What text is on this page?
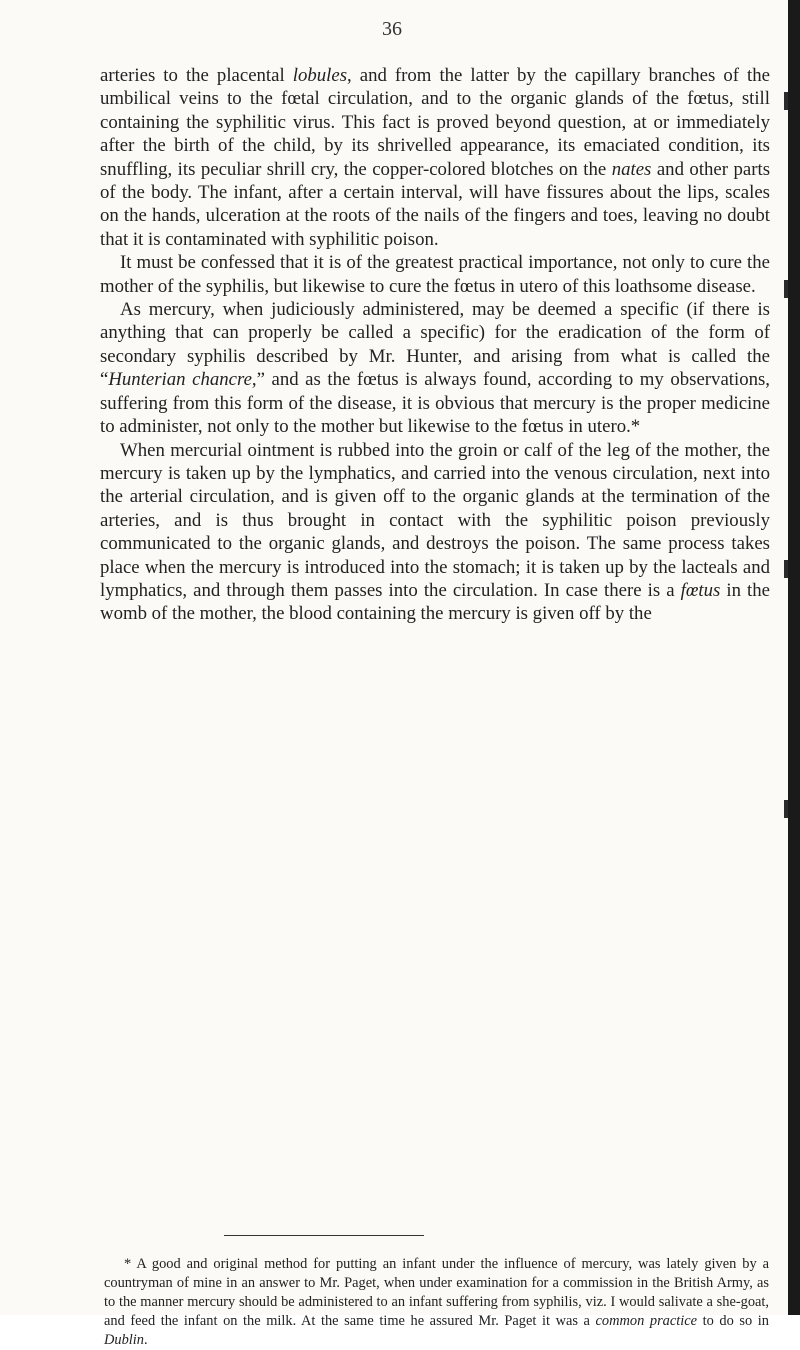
36

arteries to the placental lobules, and from the latter by the capillary branches of the umbilical veins to the fœtal circulation, and to the organic glands of the fœtus, still containing the syphilitic virus. This fact is proved beyond question, at or immediately after the birth of the child, by its shrivelled appearance, its emaciated condition, its snuffling, its peculiar shrill cry, the copper-colored blotches on the nates and other parts of the body. The infant, after a certain interval, will have fissures about the lips, scales on the hands, ulceration at the roots of the nails of the fingers and toes, leaving no doubt that it is contaminated with syphilitic poison.

It must be confessed that it is of the greatest practical importance, not only to cure the mother of the syphilis, but likewise to cure the fœtus in utero of this loathsome disease.

As mercury, when judiciously administered, may be deemed a specific (if there is anything that can properly be called a specific) for the eradication of the form of secondary syphilis described by Mr. Hunter, and arising from what is called the “Hunterian chancre,” and as the fœtus is always found, according to my observations, suffering from this form of the disease, it is obvious that mercury is the proper medicine to administer, not only to the mother but likewise to the fœtus in utero.*

When mercurial ointment is rubbed into the groin or calf of the leg of the mother, the mercury is taken up by the lymphatics, and carried into the venous circulation, next into the arterial circulation, and is given off to the organic glands at the termination of the arteries, and is thus brought in contact with the syphilitic poison previously communicated to the organic glands, and destroys the poison. The same process takes place when the mercury is introduced into the stomach; it is taken up by the lacteals and lymphatics, and through them passes into the circulation. In case there is a fœtus in the womb of the mother, the blood containing the mercury is given off by the

* A good and original method for putting an infant under the influence of mercury, was lately given by a countryman of mine in an answer to Mr. Paget, when under examination for a commission in the British Army, as to the manner mercury should be administered to an infant suffering from syphilis, viz. I would salivate a she-goat, and feed the infant on the milk. At the same time he assured Mr. Paget it was a common practice to do so in Dublin.
